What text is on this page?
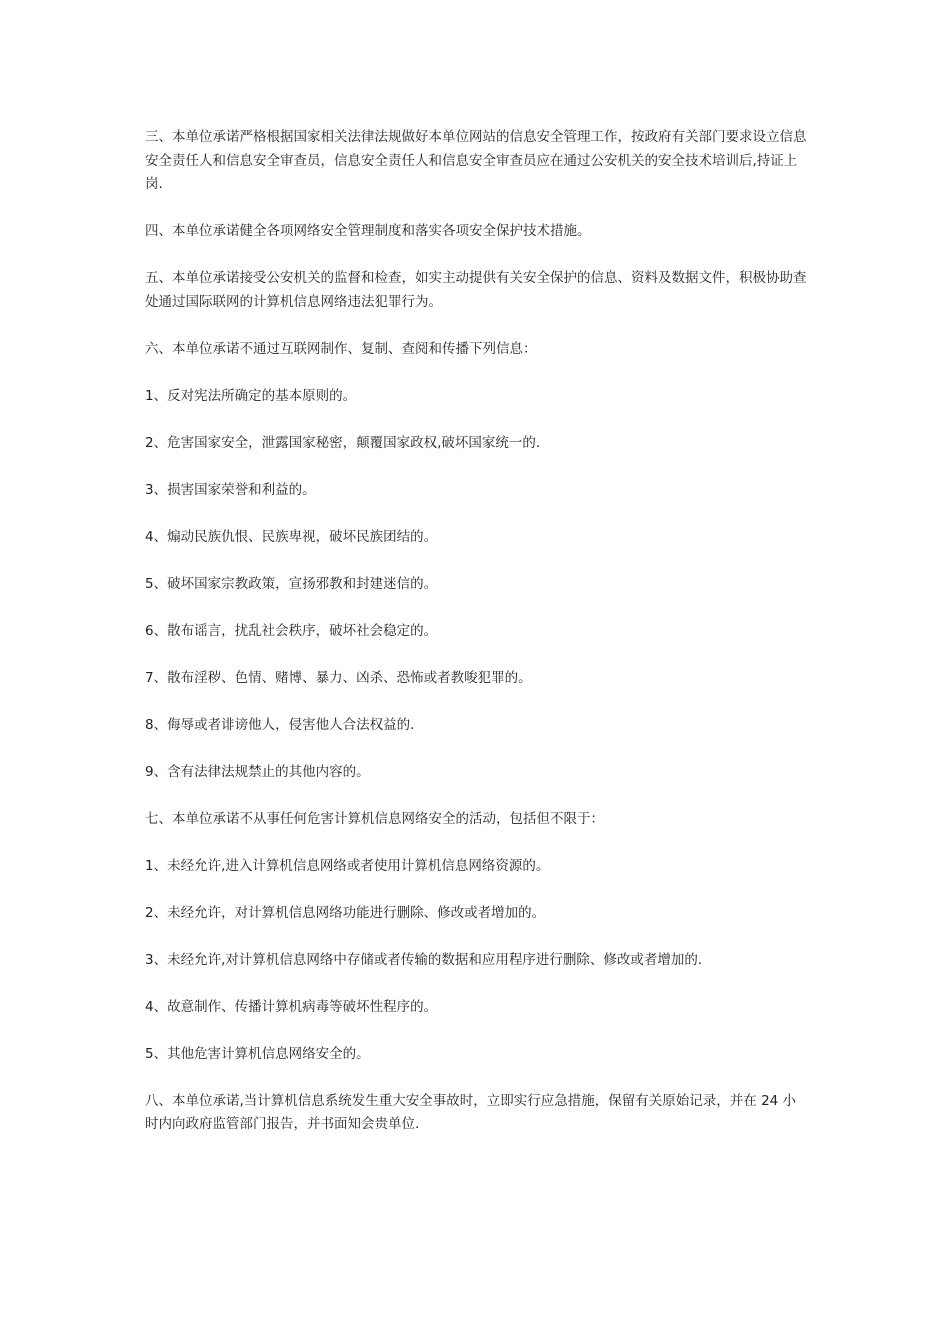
三、本单位承诺严格根据国家相关法律法规做好本单位网站的信息安全管理工作，按政府有关部门要求设立信息安全责任人和信息安全审查员，信息安全责任人和信息安全审查员应在通过公安机关的安全技术培训后,持证上岗.

四、本单位承诺健全各项网络安全管理制度和落实各项安全保护技术措施。

五、本单位承诺接受公安机关的监督和检查，如实主动提供有关安全保护的信息、资料及数据文件，积极协助查处通过国际联网的计算机信息网络违法犯罪行为。

六、本单位承诺不通过互联网制作、复制、查阅和传播下列信息：

1、反对宪法所确定的基本原则的。

2、危害国家安全，泄露国家秘密，颠覆国家政权,破坏国家统一的.

3、损害国家荣誉和利益的。

4、煽动民族仇恨、民族卑视，破坏民族团结的。

5、破坏国家宗教政策，宣扬邪教和封建迷信的。

6、散布谣言，扰乱社会秩序，破坏社会稳定的。

7、散布淫秽、色情、赌博、暴力、凶杀、恐怖或者教唆犯罪的。

8、侮辱或者诽谤他人，侵害他人合法权益的.

9、含有法律法规禁止的其他内容的。

七、本单位承诺不从事任何危害计算机信息网络安全的活动，包括但不限于：

1、未经允许,进入计算机信息网络或者使用计算机信息网络资源的。

2、未经允许，对计算机信息网络功能进行删除、修改或者增加的。

3、未经允许,对计算机信息网络中存储或者传输的数据和应用程序进行删除、修改或者增加的.

4、故意制作、传播计算机病毒等破坏性程序的。

5、其他危害计算机信息网络安全的。

八、本单位承诺,当计算机信息系统发生重大安全事故时，立即实行应急措施，保留有关原始记录，并在 24 小时内向政府监管部门报告，并书面知会贵单位.
